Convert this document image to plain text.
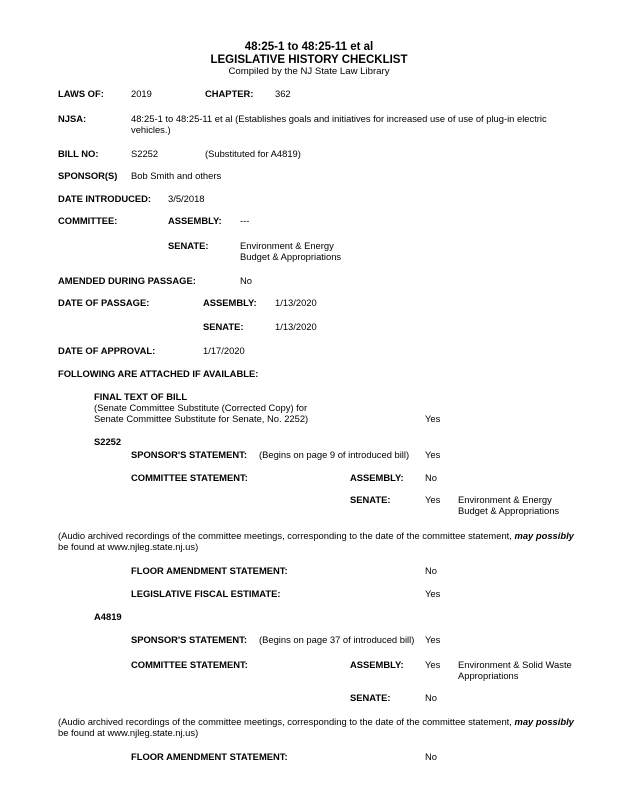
48:25-1 to 48:25-11 et al
LEGISLATIVE HISTORY CHECKLIST
Compiled by the NJ State Law Library
LAWS OF:	2019	CHAPTER: 362
NJSA:	48:25-1 to 48:25-11 et al (Establishes goals and initiatives for increased use of use of plug-in electric
vehicles.)
BILL NO:	S2252	(Substituted for A4819)
SPONSOR(S) Bob Smith and others
DATE INTRODUCED: 3/5/2018
COMMITTEE:	ASSEMBLY: ---
SENATE:	Environment & Energy
Budget & Appropriations
AMENDED DURING PASSAGE:	No
DATE OF PASSAGE:	ASSEMBLY: 1/13/2020
SENATE:	1/13/2020
DATE OF APPROVAL:	1/17/2020
FOLLOWING ARE ATTACHED IF AVAILABLE:
FINAL TEXT OF BILL
(Senate Committee Substitute (Corrected Copy) for
Senate Committee Substitute for Senate, No. 2252)	Yes
S2252
SPONSOR'S STATEMENT: (Begins on page 9 of introduced bill) Yes
COMMITTEE STATEMENT:	ASSEMBLY: No
SENATE:	Yes Environment & Energy
Budget & Appropriations
(Audio archived recordings of the committee meetings, corresponding to the date of the committee statement, may possibly
be found at www.njleg.state.nj.us)
FLOOR AMENDMENT STATEMENT:	No
LEGISLATIVE FISCAL ESTIMATE:	Yes
A4819
SPONSOR'S STATEMENT: (Begins on page 37 of introduced bill) Yes
COMMITTEE STATEMENT:	ASSEMBLY: Yes Environment & Solid Waste
Appropriations
SENATE:	No
(Audio archived recordings of the committee meetings, corresponding to the date of the committee statement, may possibly
be found at www.njleg.state.nj.us)
FLOOR AMENDMENT STATEMENT:	No
